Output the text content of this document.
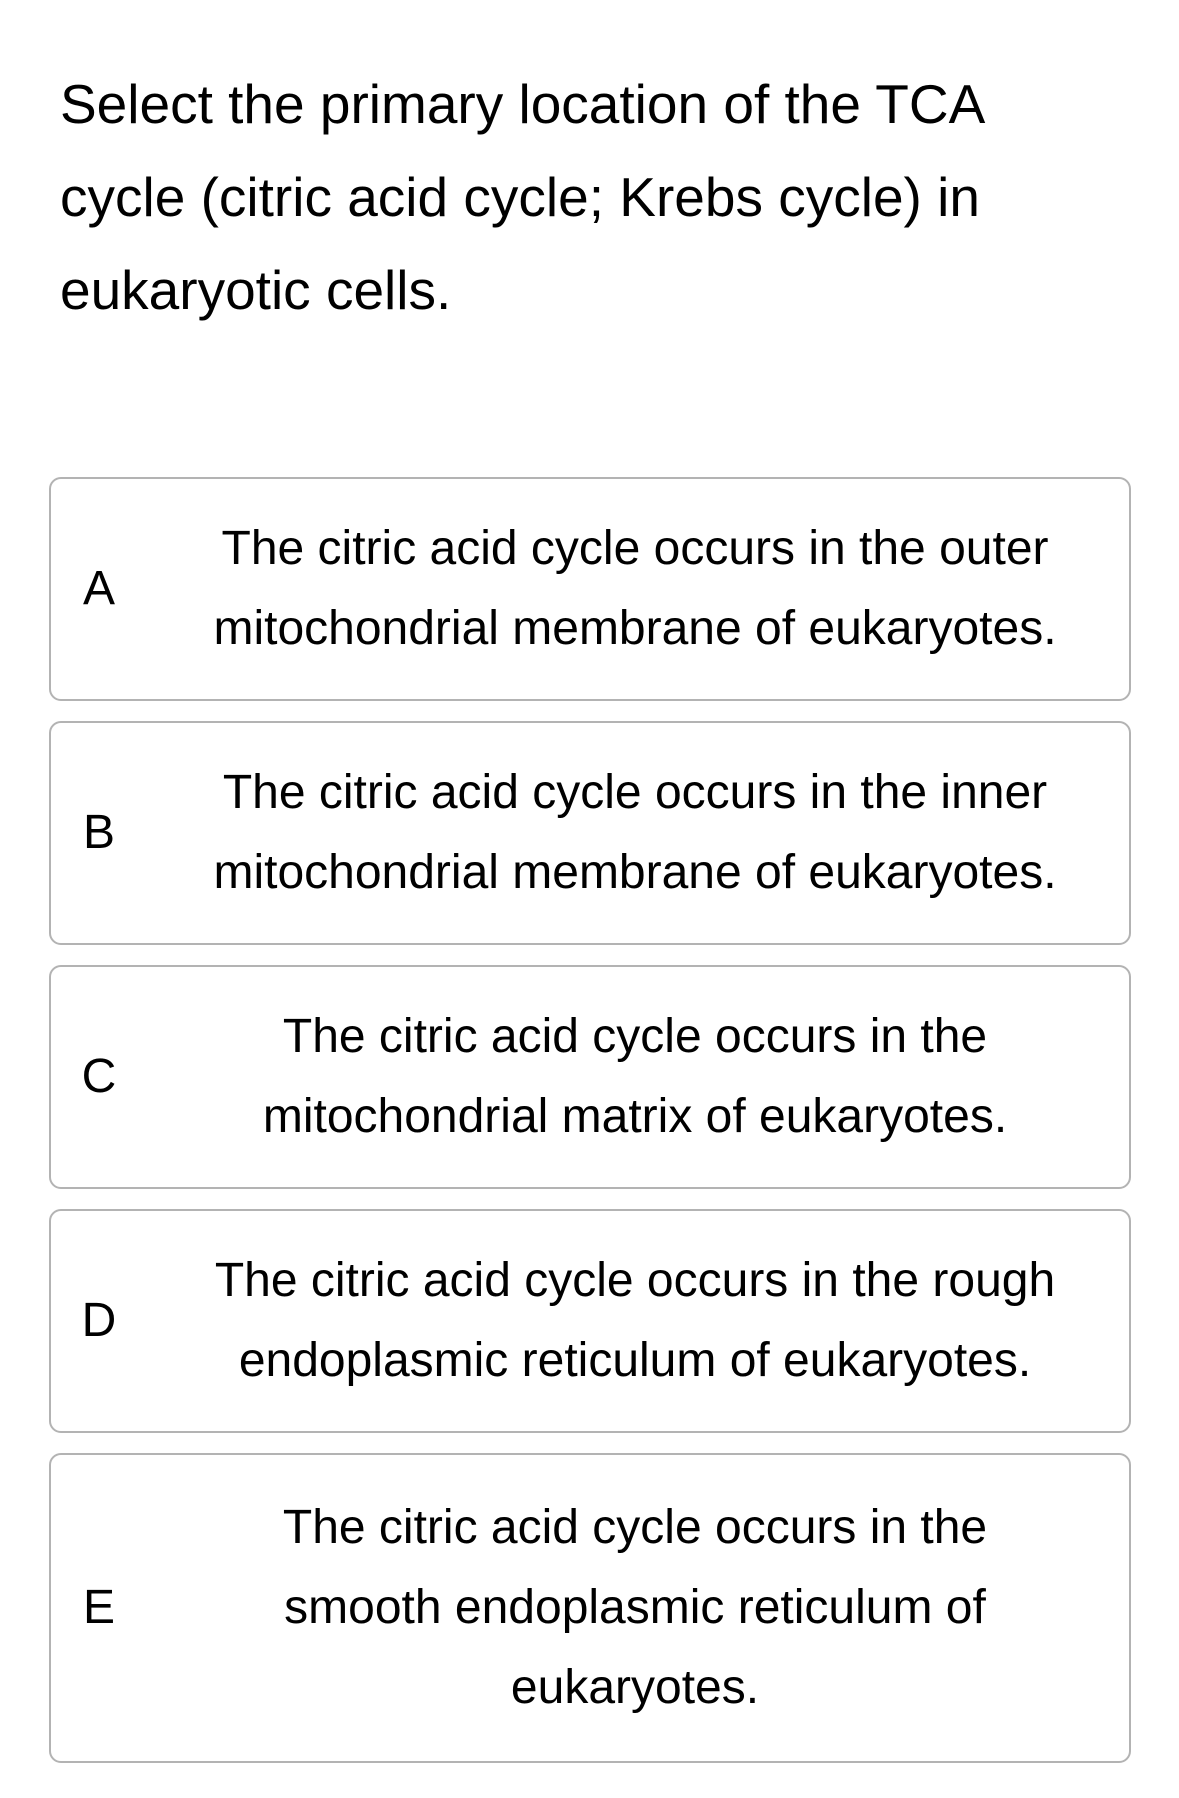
Select the primary location of the TCA cycle (citric acid cycle; Krebs cycle) in eukaryotic cells.
A
The citric acid cycle occurs in the outer mitochondrial membrane of eukaryotes.
B
The citric acid cycle occurs in the inner mitochondrial membrane of eukaryotes.
C
The citric acid cycle occurs in the mitochondrial matrix of eukaryotes.
D
The citric acid cycle occurs in the rough endoplasmic reticulum of eukaryotes.
E
The citric acid cycle occurs in the smooth endoplasmic reticulum of eukaryotes.
